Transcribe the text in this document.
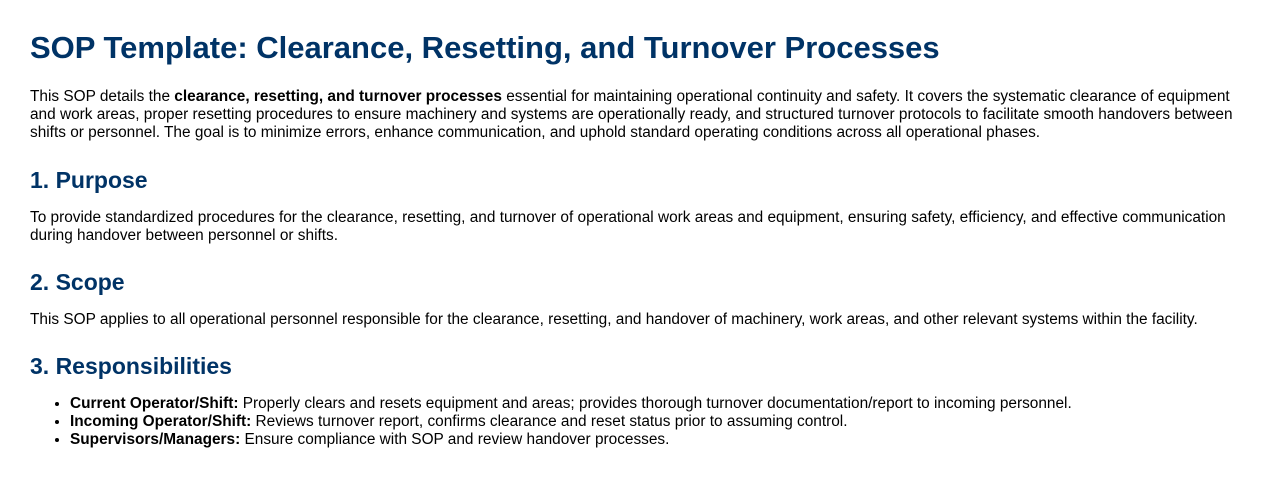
SOP Template: Clearance, Resetting, and Turnover Processes

This SOP details the clearance, resetting, and turnover processes essential for maintaining operational continuity and safety. It covers the systematic clearance of equipment and work areas, proper resetting procedures to ensure machinery and systems are operationally ready, and structured turnover protocols to facilitate smooth handovers between shifts or personnel. The goal is to minimize errors, enhance communication, and uphold standard operating conditions across all operational phases.

1. Purpose

To provide standardized procedures for the clearance, resetting, and turnover of operational work areas and equipment, ensuring safety, efficiency, and effective communication during handover between personnel or shifts.

2. Scope

This SOP applies to all operational personnel responsible for the clearance, resetting, and handover of machinery, work areas, and other relevant systems within the facility.

3. Responsibilities
• Current Operator/Shift: Properly clears and resets equipment and areas; provides thorough turnover documentation/report to incoming personnel.
• Incoming Operator/Shift: Reviews turnover report, confirms clearance and reset status prior to assuming control.
• Supervisors/Managers: Ensure compliance with SOP and review handover processes.
